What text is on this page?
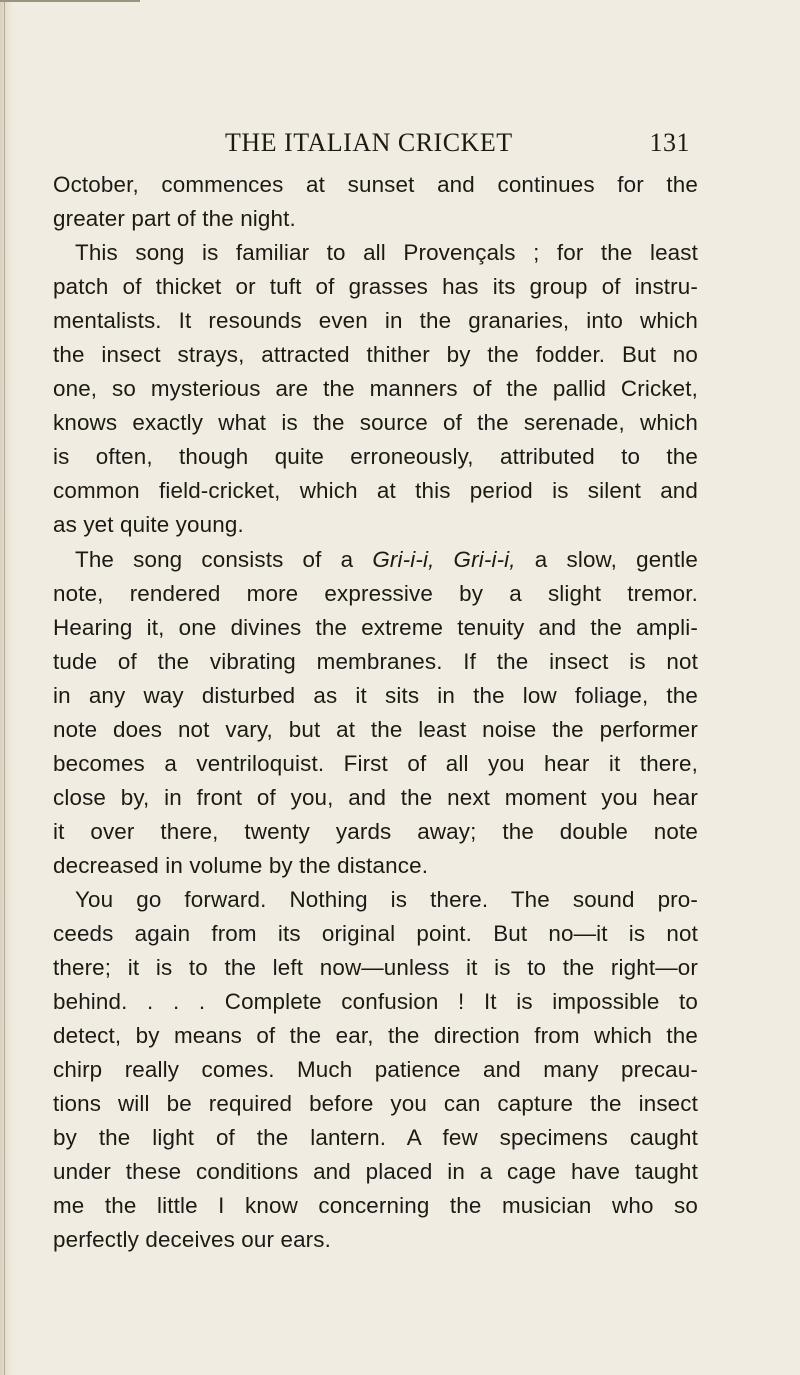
THE ITALIAN CRICKET	131
October, commences at sunset and continues for the
greater part of the night.
This song is familiar to all Provençals ; for the least
patch of thicket or tuft of grasses has its group of instru-
mentalists. It resounds even in the granaries, into which
the insect strays, attracted thither by the fodder. But no
one, so mysterious are the manners of the pallid Cricket,
knows exactly what is the source of the serenade, which
is often, though quite erroneously, attributed to the
common field-cricket, which at this period is silent and
as yet quite young.
The song consists of a Gri-i-i, Gri-i-i, a slow, gentle
note, rendered more expressive by a slight tremor.
Hearing it, one divines the extreme tenuity and the ampli-
tude of the vibrating membranes. If the insect is not
in any way disturbed as it sits in the low foliage, the
note does not vary, but at the least noise the performer
becomes a ventriloquist. First of all you hear it there,
close by, in front of you, and the next moment you hear
it over there, twenty yards away; the double note
decreased in volume by the distance.
You go forward. Nothing is there. The sound pro-
ceeds again from its original point. But no—it is not
there; it is to the left now—unless it is to the right—or
behind. . . . Complete confusion ! It is impossible to
detect, by means of the ear, the direction from which the
chirp really comes. Much patience and many precau-
tions will be required before you can capture the insect
by the light of the lantern. A few specimens caught
under these conditions and placed in a cage have taught
me the little I know concerning the musician who so
perfectly deceives our ears.
